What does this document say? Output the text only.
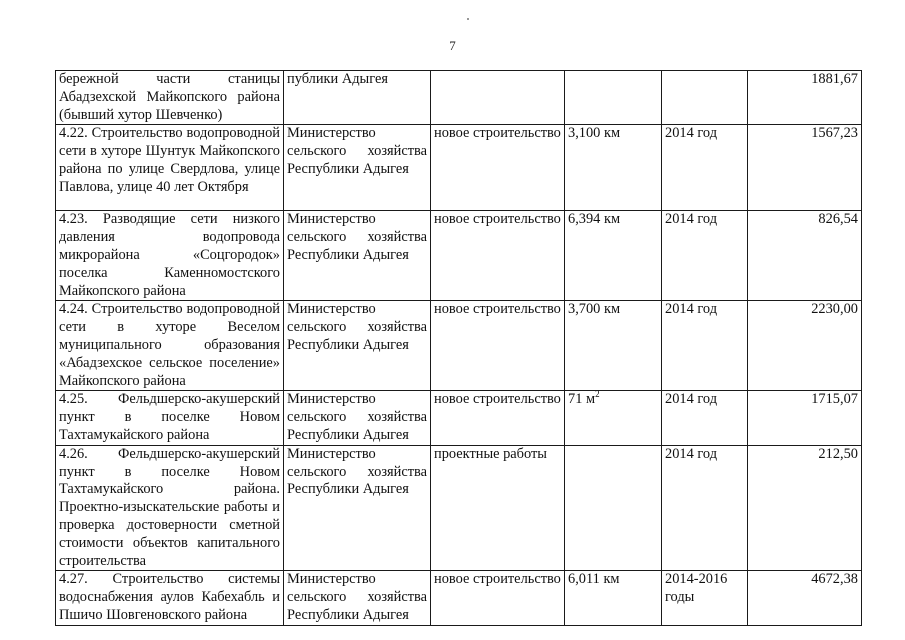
7
бережной части станицы Абадзехской Майкопского района (бывший хутор Шевченко)	публики Адыгея				1881,67
4.22. Строительство водопроводной сети в хуторе Шунтук Майкопского района по улице Свердлова, улице Павлова, улице 40 лет Октября	Министерство сельского хозяйства Республики Адыгея	новое строительство	3,100 км	2014 год	1567,23
4.23. Разводящие сети низкого давления водопровода микрорайона «Соцгородок» поселка Каменномостского Майкопского района	Министерство сельского хозяйства Республики Адыгея	новое строительство	6,394 км	2014 год	826,54
4.24. Строительство водопроводной сети в хуторе Веселом муниципального образования «Абадзехское сельское поселение» Майкопского района	Министерство сельского хозяйства Республики Адыгея	новое строительство	3,700 км	2014 год	2230,00
4.25. Фельдшерско-акушерский пункт в поселке Новом Тахтамукайского района	Министерство сельского хозяйства Республики Адыгея	новое строительство	71 $м^2$	2014 год	1715,07
4.26. Фельдшерско-акушерский пункт в поселке Новом Тахтамукайского района. Проектно-изыскательские работы и проверка достоверности сметной стоимости объектов капитального строительства	Министерство сельского хозяйства Республики Адыгея	проектные работы		2014 год	212,50
4.27. Строительство системы водоснабжения аулов Кабехабль и Пшичо Шовгеновского района	Министерство сельского хозяйства Республики Адыгея	новое строительство	6,011 км	2014-2016 годы	4672,38
